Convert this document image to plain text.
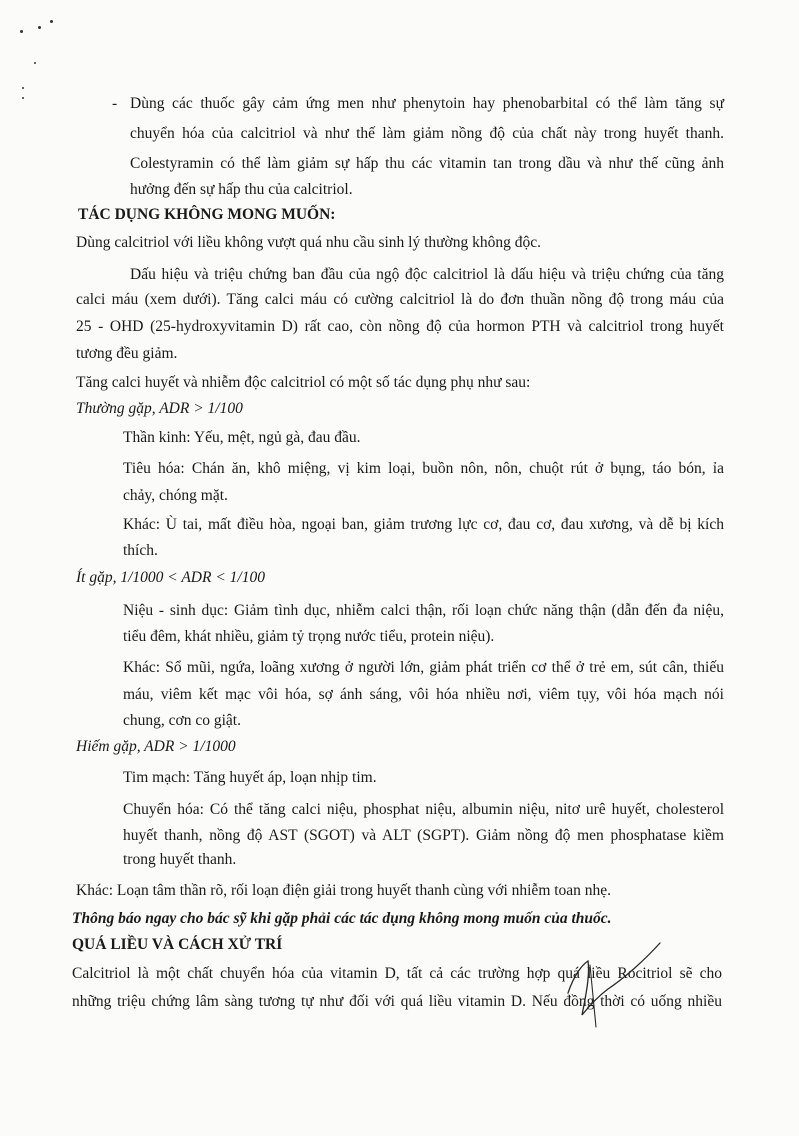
- Dùng các thuốc gây cảm ứng men như phenytoin hay phenobarbital có thể làm tăng sự
chuyển hóa của calcitriol và như thế làm giảm nồng độ của chất này trong huyết thanh.
Colestyramin có thể làm giảm sự hấp thu các vitamin tan trong dầu và như thế cũng ảnh
hưởng đến sự hấp thu của calcitriol.
TÁC DỤNG KHÔNG MONG MUỐN:
Dùng calcitriol với liều không vượt quá nhu cầu sinh lý thường không độc.
Dấu hiệu và triệu chứng ban đầu của ngộ độc calcitriol là dấu hiệu và triệu chứng của tăng
calci máu (xem dưới). Tăng calci máu có cường calcitriol là do đơn thuần nồng độ trong máu của
25 - OHD (25-hydroxyvitamin D) rất cao, còn nồng độ của hormon PTH và calcitriol trong huyết
tương đều giảm.
Tăng calci huyết và nhiễm độc calcitriol có một số tác dụng phụ như sau:
Thường gặp, ADR > 1/100
Thần kinh: Yếu, mệt, ngủ gà, đau đầu.
Tiêu hóa: Chán ăn, khô miệng, vị kim loại, buồn nôn, nôn, chuột rút ở bụng, táo bón, ỉa
chảy, chóng mặt.
Khác: Ù tai, mất điều hòa, ngoại ban, giảm trương lực cơ, đau cơ, đau xương, và dễ bị kích
thích.
Ít gặp, 1/1000 < ADR < 1/100
Niệu - sinh dục: Giảm tình dục, nhiễm calci thận, rối loạn chức năng thận (dẫn đến đa niệu,
tiểu đêm, khát nhiều, giảm tỷ trọng nước tiểu, protein niệu).
Khác: Sổ mũi, ngứa, loãng xương ở người lớn, giảm phát triển cơ thể ở trẻ em, sút cân, thiếu
máu, viêm kết mạc vôi hóa, sợ ánh sáng, vôi hóa nhiều nơi, viêm tụy, vôi hóa mạch nói
chung, cơn co giật.
Hiếm gặp, ADR > 1/1000
Tim mạch: Tăng huyết áp, loạn nhịp tim.
Chuyển hóa: Có thể tăng calci niệu, phosphat niệu, albumin niệu, nitơ urê huyết, cholesterol
huyết thanh, nồng độ AST (SGOT) và ALT (SGPT). Giảm nồng độ men phosphatase kiềm
trong huyết thanh.
Khác: Loạn tâm thần rõ, rối loạn điện giải trong huyết thanh cùng với nhiễm toan nhẹ.
Thông báo ngay cho bác sỹ khi gặp phải các tác dụng không mong muốn của thuốc.
QUÁ LIỀU VÀ CÁCH XỬ TRÍ
Calcitriol là một chất chuyển hóa của vitamin D, tất cả các trường hợp quá liều Rocitriol sẽ cho
những triệu chứng lâm sàng tương tự như đối với quá liều vitamin D. Nếu đồng thời có uống nhiều
